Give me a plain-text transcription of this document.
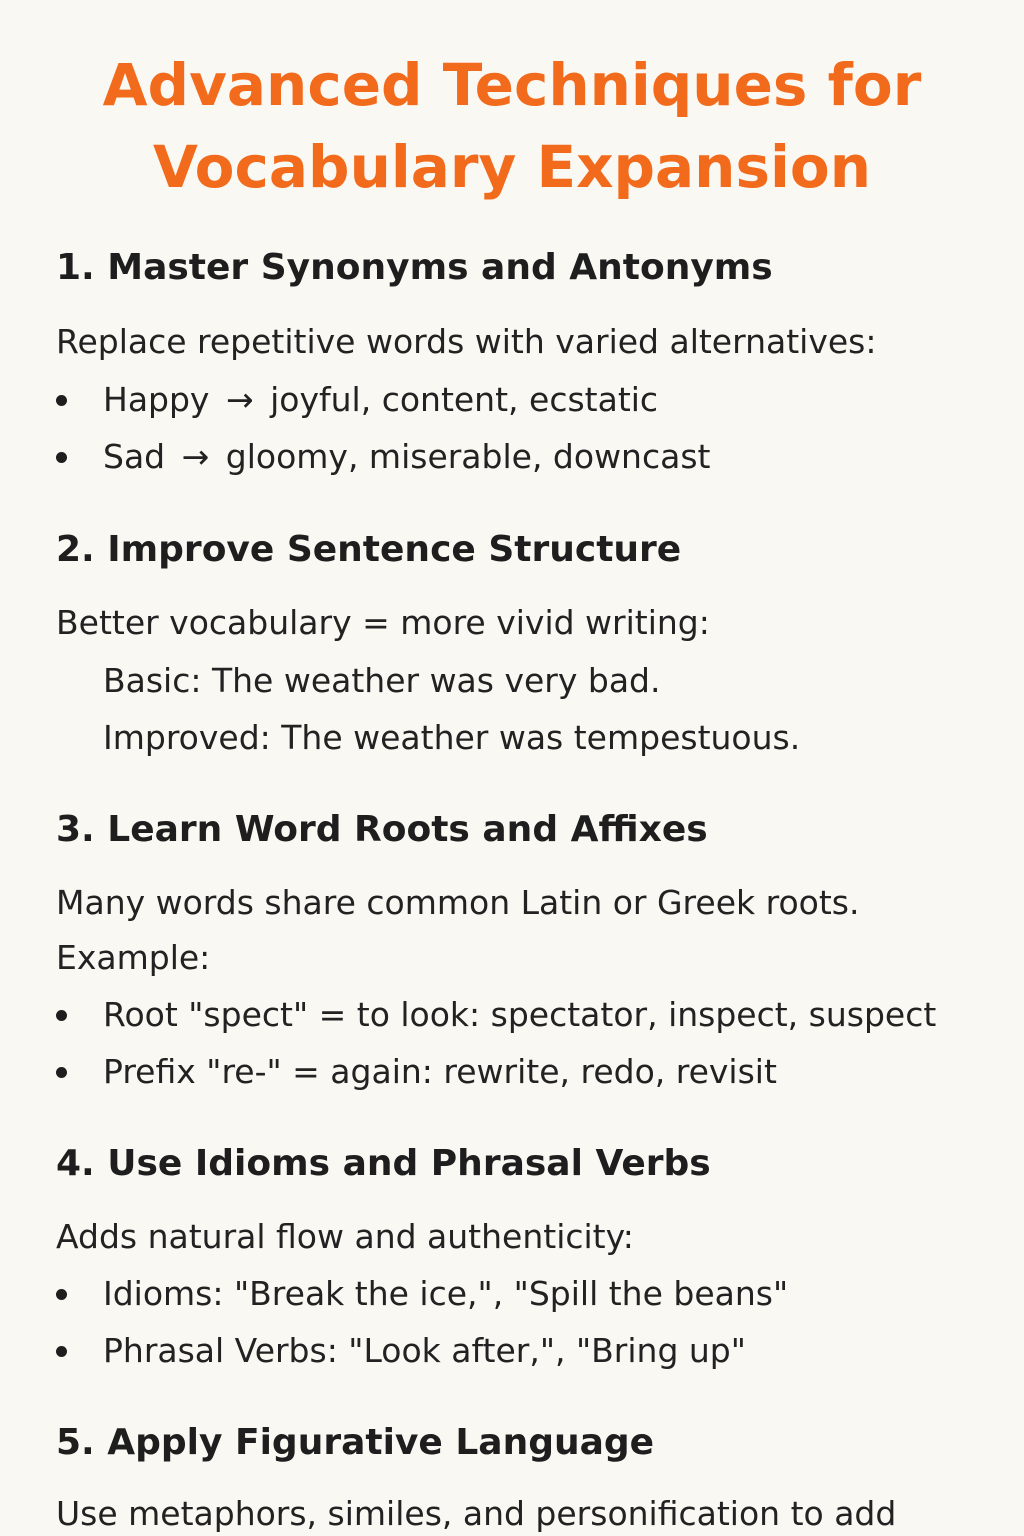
Advanced Techniques for
Vocabulary Expansion
1. Master Synonyms and Antonyms
Replace repetitive words with varied alternatives:
Happy → joyful, content, ecstatic
Sad → gloomy, miserable, downcast
2. Improve Sentence Structure
Better vocabulary = more vivid writing:
Basic: The weather was very bad.
Improved: The weather was tempestuous.
3. Learn Word Roots and Affixes
Many words share common Latin or Greek roots.
Example:
Root "spect" = to look: spectator, inspect, suspect
Prefix "re-" = again: rewrite, redo, revisit
4. Use Idioms and Phrasal Verbs
Adds natural flow and authenticity:
Idioms: "Break the ice,", "Spill the beans"
Phrasal Verbs: "Look after,", "Bring up"
5. Apply Figurative Language
Use metaphors, similes, and personification to add
